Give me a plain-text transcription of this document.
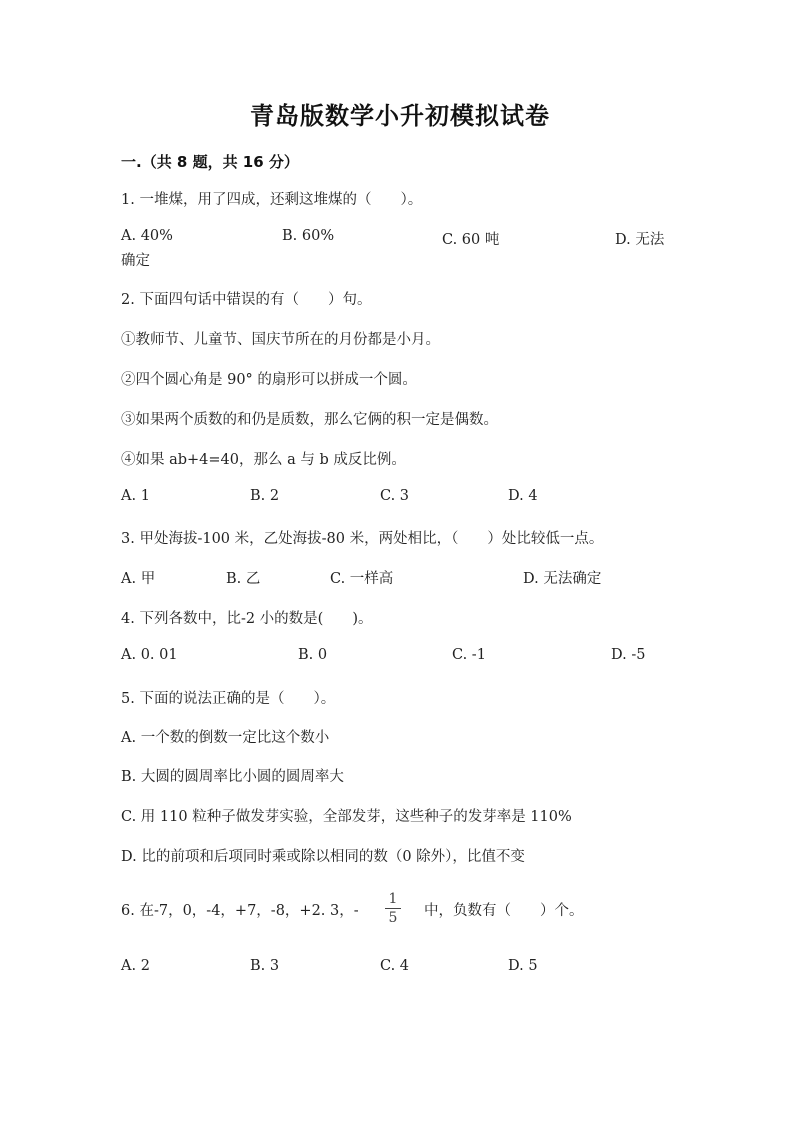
青岛版数学小升初模拟试卷
一.（共 8 题，共 16 分）
1. 一堆煤，用了四成，还剩这堆煤的（　　）。
A. 40%	B. 60%	C. 60 吨	D. 无法
确定
2. 下面四句话中错误的有（　　）句。
①教师节、儿童节、国庆节所在的月份都是小月。
②四个圆心角是 90° 的扇形可以拼成一个圆。
③如果两个质数的和仍是质数，那么它俩的积一定是偶数。
④如果 ab+4=40，那么 a 与 b 成反比例。
A. 1	B. 2	C. 3	D. 4
3. 甲处海拔-100 米，乙处海拔-80 米，两处相比，（　　）处比较低一点。
A. 甲	B. 乙	C. 一样高	D. 无法确定
4. 下列各数中，比-2 小的数是(　　)。
A. 0. 01	B. 0	C. -1	D. -5
5. 下面的说法正确的是（　　）。
A. 一个数的倒数一定比这个数小
B. 大圆的圆周率比小圆的圆周率大
C. 用 110 粒种子做发芽实验，全部发芽，这些种子的发芽率是 110%
D. 比的前项和后项同时乘或除以相同的数（0 除外），比值不变
6. 在-7，0，-4，+7，-8，+2. 3，-
1
5 中，负数有（　　）个。
A. 2	B. 3	C. 4	D. 5
